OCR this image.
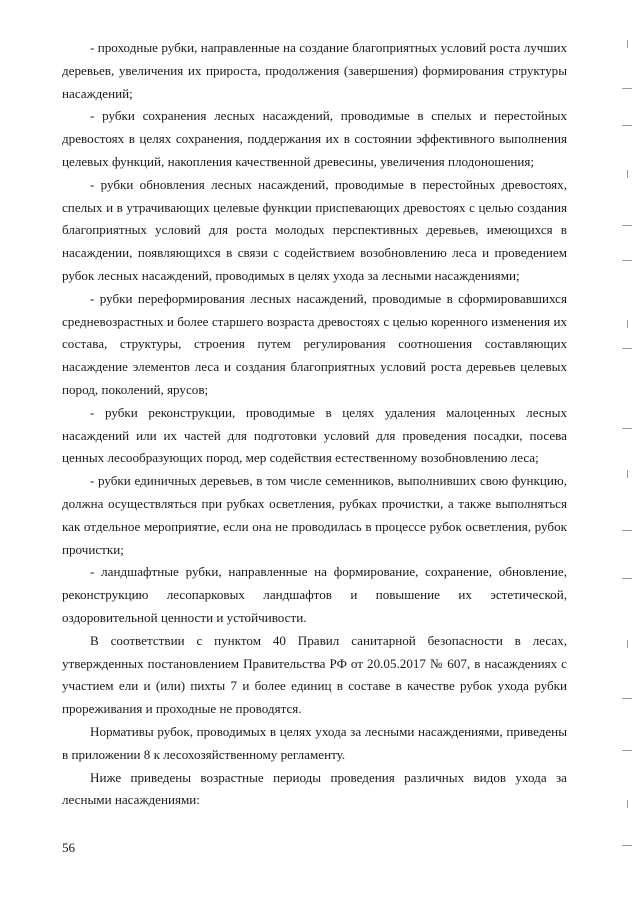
- проходные рубки, направленные на создание благоприятных условий роста лучших деревьев, увеличения их прироста, продолжения (завершения) формирования структуры насаждений;

- рубки сохранения лесных насаждений, проводимые в спелых и перестойных древостоях в целях сохранения, поддержания их в состоянии эффективного выполнения целевых функций, накопления качественной древесины, увеличения плодоношения;

- рубки обновления лесных насаждений, проводимые в перестойных древостоях, спелых и в утрачивающих целевые функции приспевающих древостоях с целью создания благоприятных условий для роста молодых перспективных деревьев, имеющихся в насаждении, появляющихся в связи с содействием возобновлению леса и проведением рубок лесных насаждений, проводимых в целях ухода за лесными насаждениями;

- рубки переформирования лесных насаждений, проводимые в сформировавшихся средневозрастных и более старшего возраста древостоях с целью коренного изменения их состава, структуры, строения путем регулирования соотношения составляющих насаждение элементов леса и создания благоприятных условий роста деревьев целевых пород, поколений, ярусов;

- рубки реконструкции, проводимые в целях удаления малоценных лесных насаждений или их частей для подготовки условий для проведения посадки, посева ценных лесообразующих пород, мер содействия естественному возобновлению леса;

- рубки единичных деревьев, в том числе семенников, выполнивших свою функцию, должна осуществляться при рубках осветления, рубках прочистки, а также выполняться как отдельное мероприятие, если она не проводилась в процессе рубок осветления, рубок прочистки;

- ландшафтные рубки, направленные на формирование, сохранение, обновление, реконструкцию лесопарковых ландшафтов и повышение их эстетической, оздоровительной ценности и устойчивости.

В соответствии с пунктом 40 Правил санитарной безопасности в лесах, утвержденных постановлением Правительства РФ от 20.05.2017 № 607, в насаждениях с участием ели и (или) пихты 7 и более единиц в составе в качестве рубок ухода рубки прореживания и проходные не проводятся.

Нормативы рубок, проводимых в целях ухода за лесными насаждениями, приведены в приложении 8 к лесохозяйственному регламенту.

Ниже приведены возрастные периоды проведения различных видов ухода за лесными насаждениями:

56
